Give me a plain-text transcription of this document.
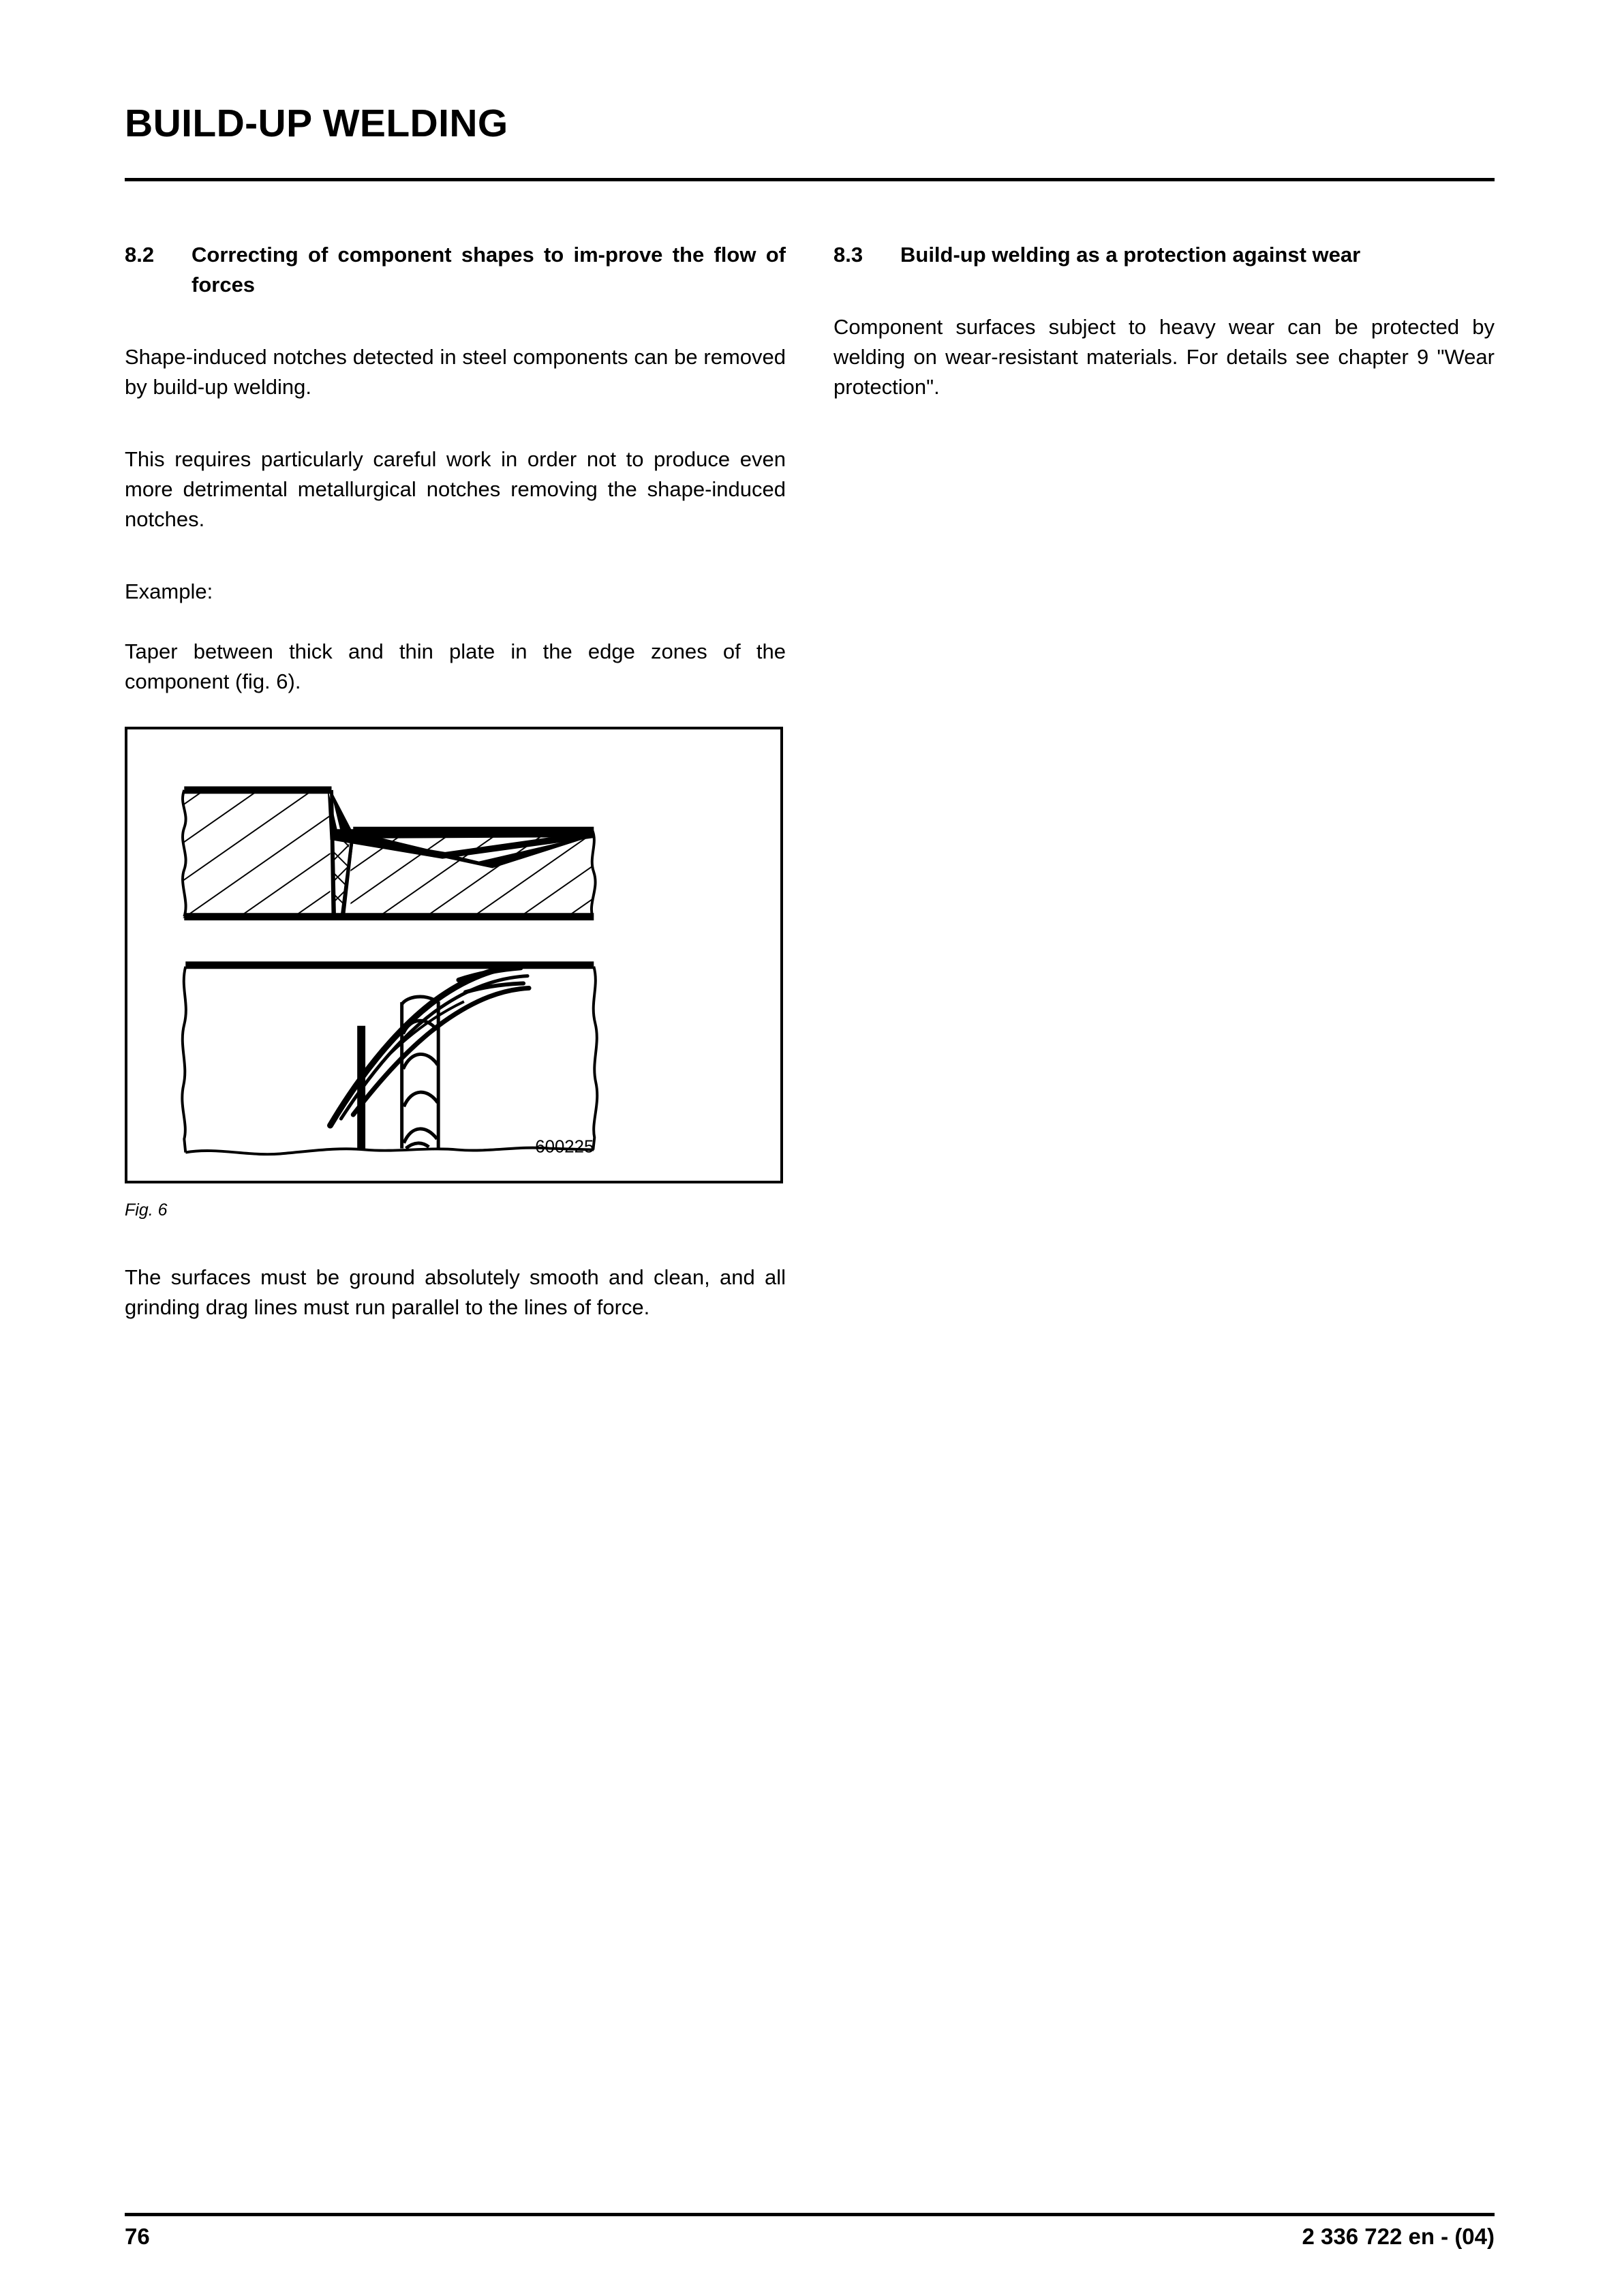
BUILD-UP WELDING
8.2	Correcting of component shapes to im-prove the flow of forces

Shape-induced notches detected in steel components can be removed by build-up welding.

This requires particularly careful work in order not to produce even more detrimental metallurgical notches removing the shape-induced notches.

Example:

Taper between thick and thin plate in the edge zones of the component (fig. 6).

600225

Fig. 6

The surfaces must be ground absolutely smooth and clean, and all grinding drag lines must run parallel to the lines of force.

8.3	Build-up welding as a protection against wear

Component surfaces subject to heavy wear can be protected by welding on wear-resistant materials. For details see chapter 9 "Wear protection".

76	2 336 722 en - (04)
